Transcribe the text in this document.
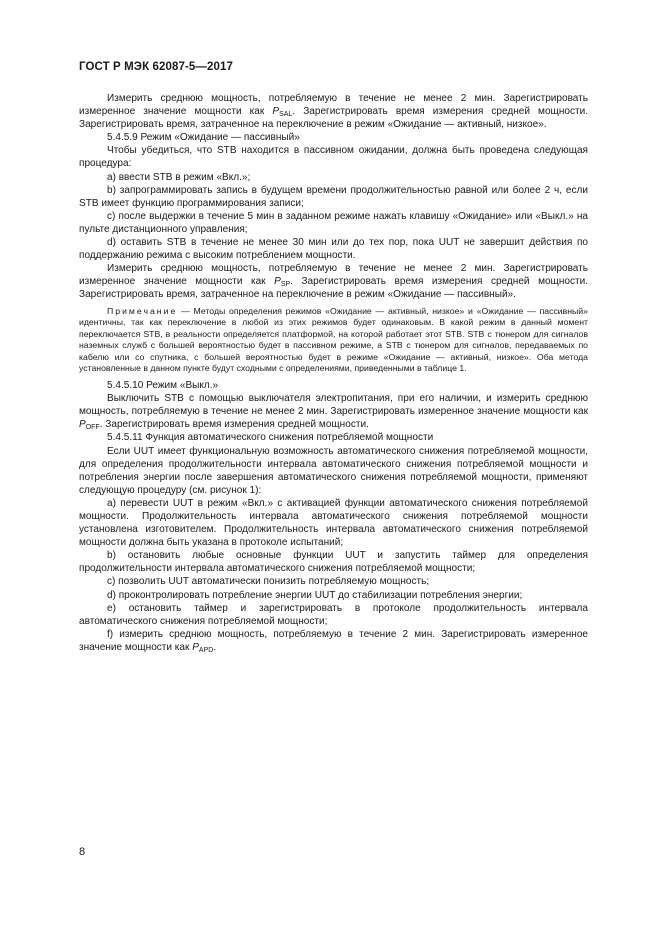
ГОСТ Р МЭК 62087-5—2017

Измерить среднюю мощность, потребляемую в течение не менее 2 мин. Зарегистрировать измеренное значение мощности как $P_{SAL}$. Зарегистрировать время измерения средней мощности. Зарегистрировать время, затраченное на переключение в режим «Ожидание — активный, низкое».

5.4.5.9 Режим «Ожидание — пассивный»

Чтобы убедиться, что STB находится в пассивном ожидании, должна быть проведена следующая процедура:

a) ввести STB в режим «Вкл.»;

b) запрограммировать запись в будущем времени продолжительностью равной или более 2 ч, если STB имеет функцию программирования записи;

c) после выдержки в течение 5 мин в заданном режиме нажать клавишу «Ожидание» или «Выкл.» на пульте дистанционного управления;

d) оставить STB в течение не менее 30 мин или до тех пор, пока UUT не завершит действия по поддержанию режима с высоким потреблением мощности.

Измерить среднюю мощность, потребляемую в течение не менее 2 мин. Зарегистрировать измеренное значение мощности как $P_{SP}$. Зарегистрировать время измерения средней мощности. Зарегистрировать время, затраченное на переключение в режим «Ожидание — пассивный».

Примечание — Методы определения режимов «Ожидание — активный, низкое» и «Ожидание — пассивный» идентичны, так как переключение в любой из этих режимов будет одинаковым. В какой режим в данный момент переключается STB, в реальности определяется платформой, на которой работает этот STB. STB с тюнером для сигналов наземных служб с большей вероятностью будет в пассивном режиме, а STB с тюнером для сигналов, передаваемых по кабелю или со спутника, с большей вероятностью будет в режиме «Ожидание — активный, низкое». Оба метода установленные в данном пункте будут сходными с определениями, приведенными в таблице 1.

5.4.5.10 Режим «Выкл.»

Выключить STB с помощью выключателя электропитания, при его наличии, и измерить среднюю мощность, потребляемую в течение не менее 2 мин. Зарегистрировать измеренное значение мощности как $P_{OFF}$. Зарегистрировать время измерения средней мощности.

5.4.5.11 Функция автоматического снижения потребляемой мощности

Если UUT имеет функциональную возможность автоматического снижения потребляемой мощности, для определения продолжительности интервала автоматического снижения потребляемой мощности и потребления энергии после завершения автоматического снижения потребляемой мощности, применяют следующую процедуру (см. рисунок 1):

a) перевести UUT в режим «Вкл.» с активацией функции автоматического снижения потребляемой мощности. Продолжительность интервала автоматического снижения потребляемой мощности установлена изготовителем. Продолжительность интервала автоматического снижения потребляемой мощности должна быть указана в протоколе испытаний;

b) остановить любые основные функции UUT и запустить таймер для определения продолжительности интервала автоматического снижения потребляемой мощности;

c) позволить UUT автоматически понизить потребляемую мощность;

d) проконтролировать потребление энергии UUT до стабилизации потребления энергии;

e) остановить таймер и зарегистрировать в протоколе продолжительность интервала автоматического снижения потребляемой мощности;

f) измерить среднюю мощность, потребляемую в течение 2 мин. Зарегистрировать измеренное значение мощности как $P_{APD}$.

8
